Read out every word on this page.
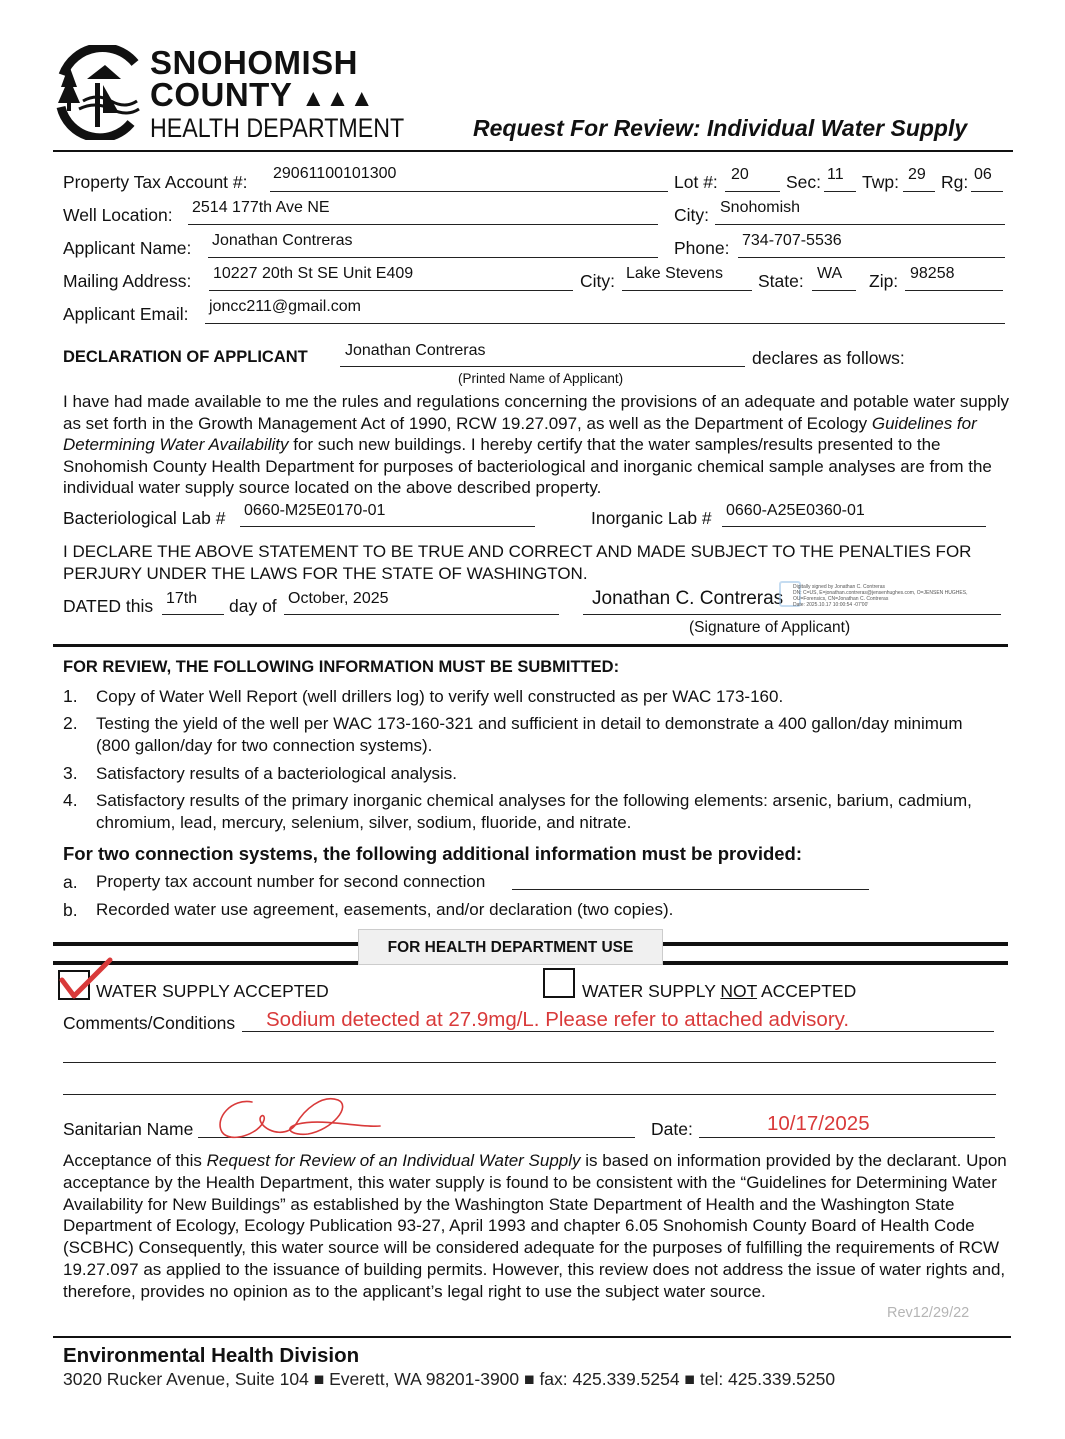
SNOHOMISH
COUNTY ▲▲▲
HEALTH DEPARTMENT	Request For Review: Individual Water Supply
Property Tax Account #: 29061100101300	Lot #: 20 Sec: 11 Twp: 29 Rg: 06
Well Location: 2514 177th Ave NE	City: Snohomish
Applicant Name: Jonathan Contreras	Phone: 734-707-5536
Mailing Address: 10227 20th St SE Unit E409	City: Lake Stevens State: WA Zip: 98258
Applicant Email: joncc211@gmail.com
DECLARATION OF APPLICANT Jonathan Contreras	declares as follows:
(Printed Name of Applicant)
I have had made available to me the rules and regulations concerning the provisions of an adequate and potable water supply as set forth in the Growth Management Act of 1990, RCW 19.27.097, as well as the Department of Ecology Guidelines for Determining Water Availability for such new buildings. I hereby certify that the water samples/results presented to the Snohomish County Health Department for purposes of bacteriological and inorganic chemical sample analyses are from the individual water supply source located on the above described property.
Bacteriological Lab # 0660-M25E0170-01	Inorganic Lab # 0660-A25E0360-01
I DECLARE THE ABOVE STATEMENT TO BE TRUE AND CORRECT AND MADE SUBJECT TO THE PENALTIES FOR PERJURY UNDER THE LAWS FOR THE STATE OF WASHINGTON.
DATED this 17th day of October, 2025	Jonathan C. Contreras
Digitally signed by Jonathan C. Contreras
DN: C=US, E=jonathan.contreras@jensenhughes.com, O=JENSEN HUGHES,
OU=Forensics, CN=Jonathan C. Contreras
Date: 2025.10.17 10:00:54 -07'00'
(Signature of Applicant)
FOR REVIEW, THE FOLLOWING INFORMATION MUST BE SUBMITTED:
1. Copy of Water Well Report (well drillers log) to verify well constructed as per WAC 173-160.
2. Testing the yield of the well per WAC 173-160-321 and sufficient in detail to demonstrate a 400 gallon/day minimum (800 gallon/day for two connection systems).
3. Satisfactory results of a bacteriological analysis.
4. Satisfactory results of the primary inorganic chemical analyses for the following elements: arsenic, barium, cadmium, chromium, lead, mercury, selenium, silver, sodium, fluoride, and nitrate.
For two connection systems, the following additional information must be provided:
a. Property tax account number for second connection
b. Recorded water use agreement, easements, and/or declaration (two copies).
FOR HEALTH DEPARTMENT USE
WATER SUPPLY ACCEPTED	WATER SUPPLY NOT ACCEPTED
Comments/Conditions Sodium detected at 27.9mg/L. Please refer to attached advisory.
Sanitarian Name	Date:	10/17/2025
Acceptance of this Request for Review of an Individual Water Supply is based on information provided by the declarant. Upon acceptance by the Health Department, this water supply is found to be consistent with the “Guidelines for Determining Water Availability for New Buildings” as established by the Washington State Department of Health and the Washington State Department of Ecology, Ecology Publication 93-27, April 1993 and chapter 6.05 Snohomish County Board of Health Code (SCBHC) Consequently, this water source will be considered adequate for the purposes of fulfilling the requirements of RCW 19.27.097 as applied to the issuance of building permits. However, this review does not address the issue of water rights and, therefore, provides no opinion as to the applicant’s legal right to use the subject water source.
Rev12/29/22
Environmental Health Division
3020 Rucker Avenue, Suite 104 ■ Everett, WA 98201-3900 ■ fax: 425.339.5254 ■ tel: 425.339.5250
